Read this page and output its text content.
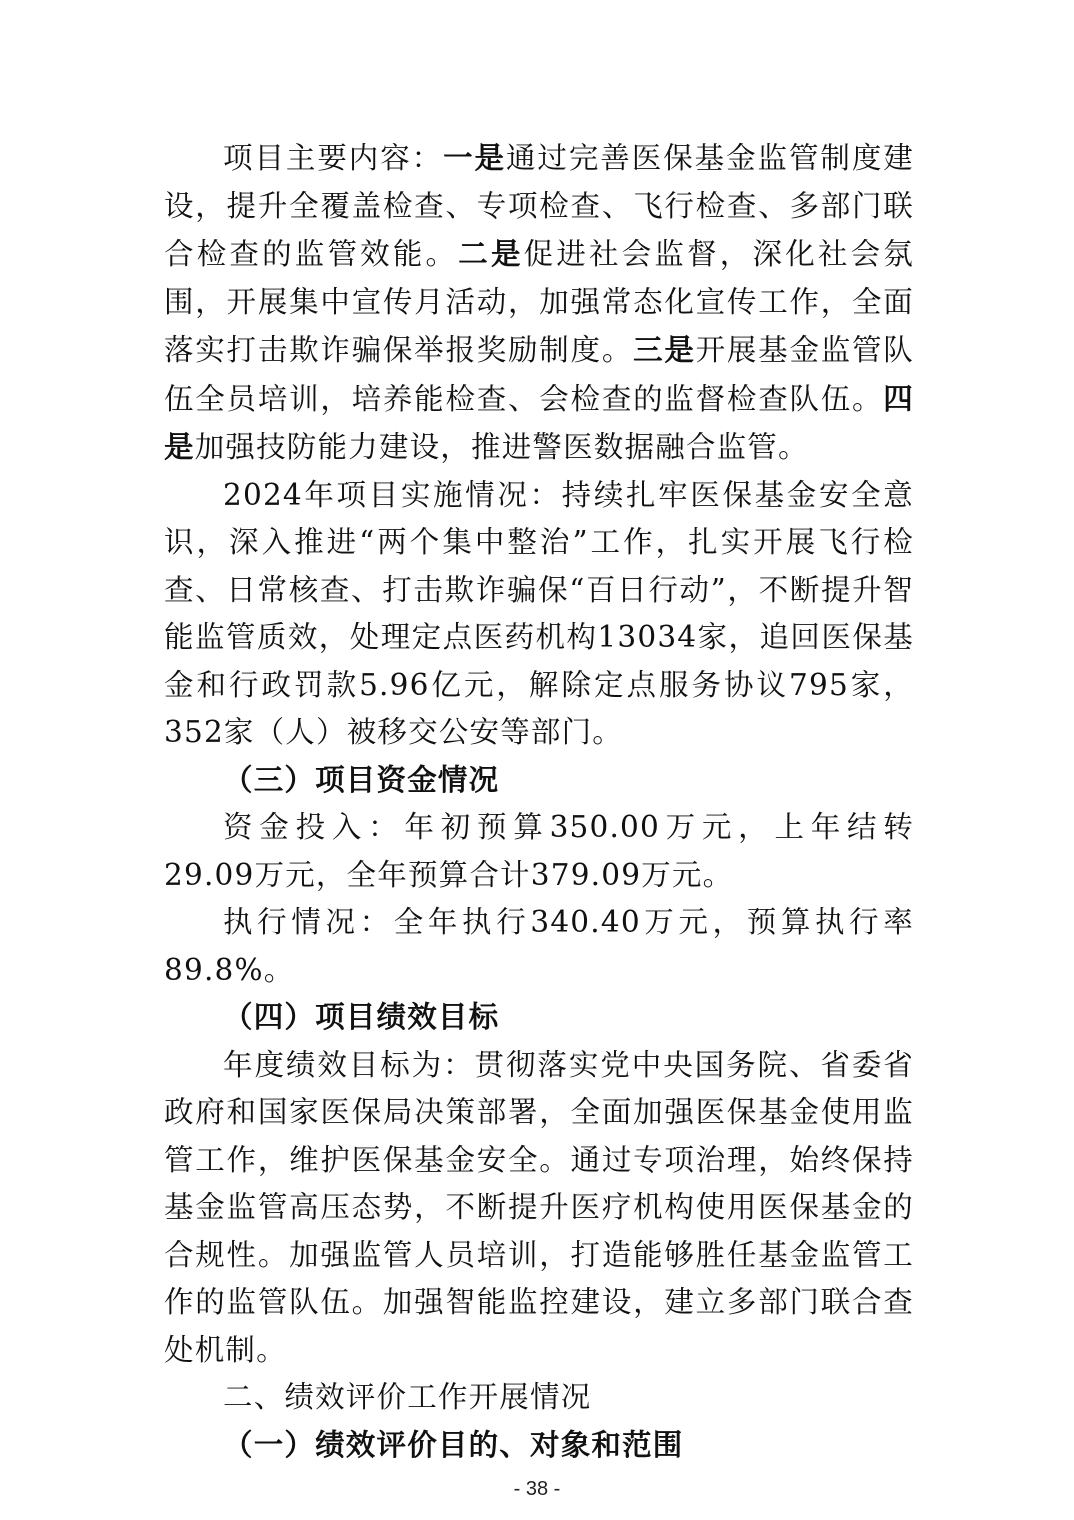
项目主要内容：一是通过完善医保基金监管制度建设，提升全覆盖检查、专项检查、飞行检查、多部门联合检查的监管效能。二是促进社会监督，深化社会氛围，开展集中宣传月活动，加强常态化宣传工作，全面落实打击欺诈骗保举报奖励制度。三是开展基金监管队伍全员培训，培养能检查、会检查的监督检查队伍。四是加强技防能力建设，推进警医数据融合监管。

2024年项目实施情况：持续扎牢医保基金安全意识，深入推进“两个集中整治”工作，扎实开展飞行检查、日常核查、打击欺诈骗保“百日行动”，不断提升智能监管质效，处理定点医药机构13034家，追回医保基金和行政罚款5.96亿元，解除定点服务协议795家，352家（人）被移交公安等部门。

（三）项目资金情况

资金投入：年初预算350.00万元，上年结转29.09万元，全年预算合计379.09万元。

执行情况：全年执行340.40万元，预算执行率89.8%。

（四）项目绩效目标

年度绩效目标为：贯彻落实党中央国务院、省委省政府和国家医保局决策部署，全面加强医保基金使用监管工作，维护医保基金安全。通过专项治理，始终保持基金监管高压态势，不断提升医疗机构使用医保基金的合规性。加强监管人员培训，打造能够胜任基金监管工作的监管队伍。加强智能监控建设，建立多部门联合查处机制。

二、绩效评价工作开展情况

（一）绩效评价目的、对象和范围

- 38 -
